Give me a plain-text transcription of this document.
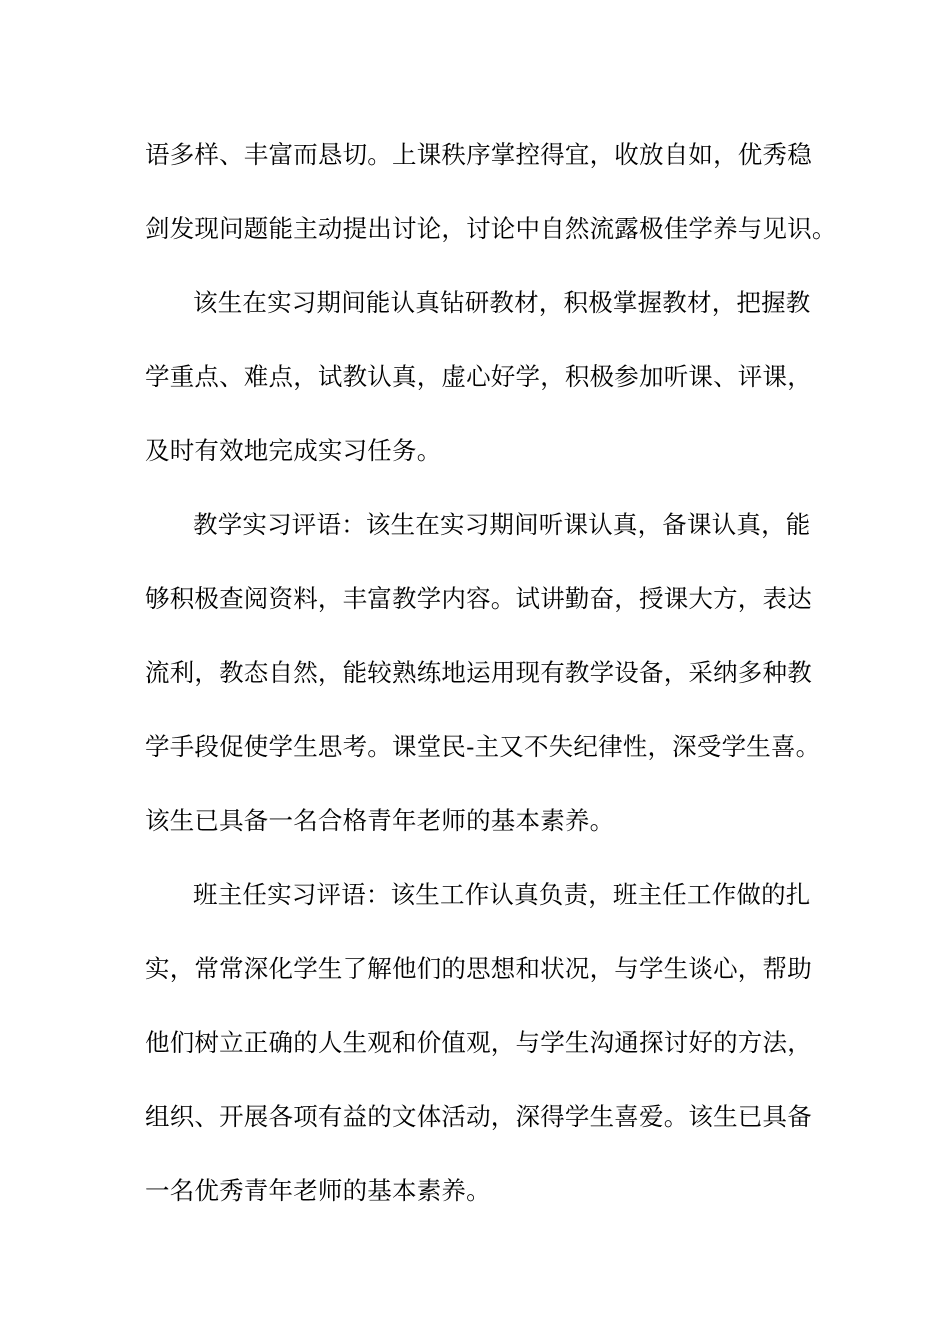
语多样、丰富而恳切。上课秩序掌控得宜，收放自如，优秀稳
剑发现问题能主动提出讨论，讨论中自然流露极佳学养与见识。
该生在实习期间能认真钻研教材，积极掌握教材，把握教
学重点、难点，试教认真，虚心好学，积极参加听课、评课，
及时有效地完成实习任务。
教学实习评语：该生在实习期间听课认真，备课认真，能
够积极查阅资料，丰富教学内容。试讲勤奋，授课大方，表达
流利，教态自然，能较熟练地运用现有教学设备，采纳多种教
学手段促使学生思考。课堂民-主又不失纪律性，深受学生喜。
该生已具备一名合格青年老师的基本素养。
班主任实习评语：该生工作认真负责，班主任工作做的扎
实，常常深化学生了解他们的思想和状况，与学生谈心，帮助
他们树立正确的人生观和价值观，与学生沟通探讨好的方法，
组织、开展各项有益的文体活动，深得学生喜爱。该生已具备
一名优秀青年老师的基本素养。
